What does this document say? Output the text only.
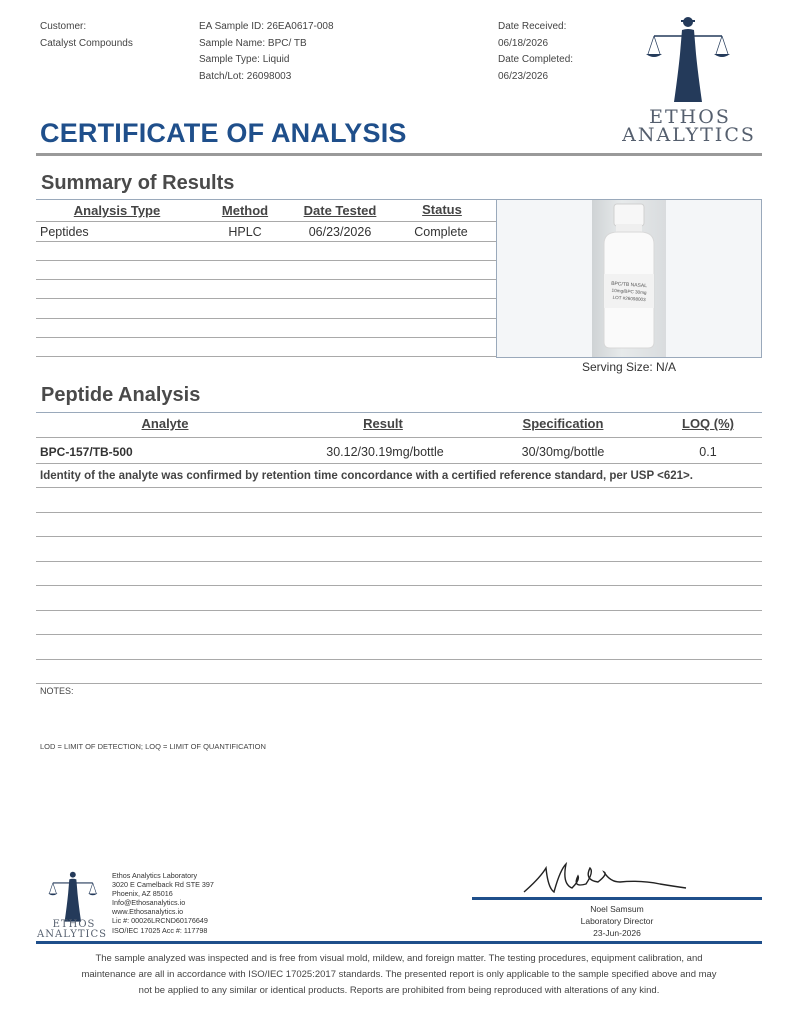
Customer:
Catalyst Compounds
EA Sample ID: 26EA0617-008
Sample Name: BPC/ TB
Sample Type: Liquid
Batch/Lot: 26098003
Date Received:
06/18/2026
Date Completed:
06/23/2026
ETHOS
ANALYTICS
CERTIFICATE OF ANALYSIS
Summary of Results
Analysis Type	Method	Date Tested	Status
Peptides	HPLC	06/23/2026	Complete
BPC/TB NASAL
10mg/BPC 30mg
LOT #26098003
Serving Size: N/A
Peptide Analysis
Analyte	Result	Specification	LOQ (%)
BPC-157/TB-500	30.12/30.19mg/bottle	30/30mg/bottle	0.1
Identity of the analyte was confirmed by retention time concordance with a certified reference standard, per USP <621>.
NOTES:
LOD = LIMIT OF DETECTION; LOQ = LIMIT OF QUANTIFICATION
ETHOS
ANALYTICS
Ethos Analytics Laboratory
3020 E Camelback Rd STE 397
Phoenix, AZ 85016
Info@Ethosanalytics.io
www.Ethosanalytics.io
Lic #: 00026LRCND60176649
ISO/IEC 17025 Acc #: 117798
Noel Samsum
Laboratory Director
23-Jun-2026
The sample analyzed was inspected and is free from visual mold, mildew, and foreign matter. The testing procedures, equipment calibration, and
maintenance are all in accordance with ISO/IEC 17025:2017 standards. The presented report is only applicable to the sample specified above and may
not be applied to any similar or identical products. Reports are prohibited from being reproduced with alterations of any kind.
